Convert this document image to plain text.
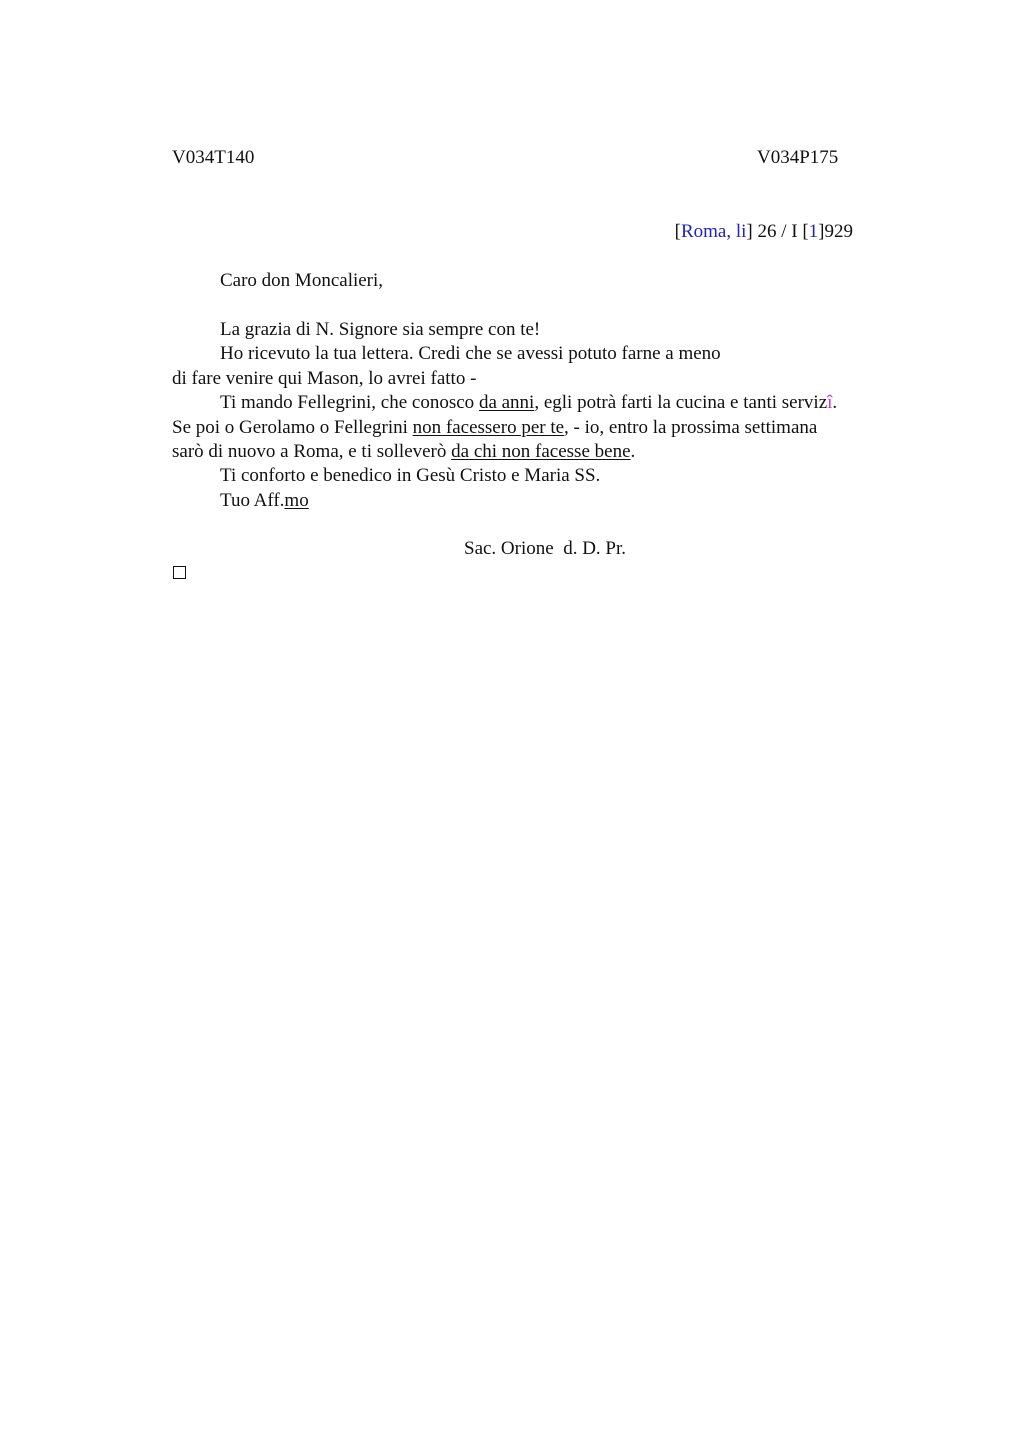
V034T140	V034P175
[Roma, li] 26 / I [1]929
Caro don Moncalieri,
La grazia di N. Signore sia sempre con te!
Ho ricevuto la tua lettera. Credi che se avessi potuto farne a meno
di fare venire qui Mason, lo avrei fatto -
Ti mando Fellegrini, che conosco da anni, egli potrà farti la cucina e tanti servizî.
Se poi o Gerolamo o Fellegrini non facessero per te, - io, entro la prossima settimana
sarò di nuovo a Roma, e ti solleverò da chi non facesse bene.
Ti conforto e benedico in Gesù Cristo e Maria SS.
Tuo Aff.mo
Sac. Orione  d. D. Pr.
